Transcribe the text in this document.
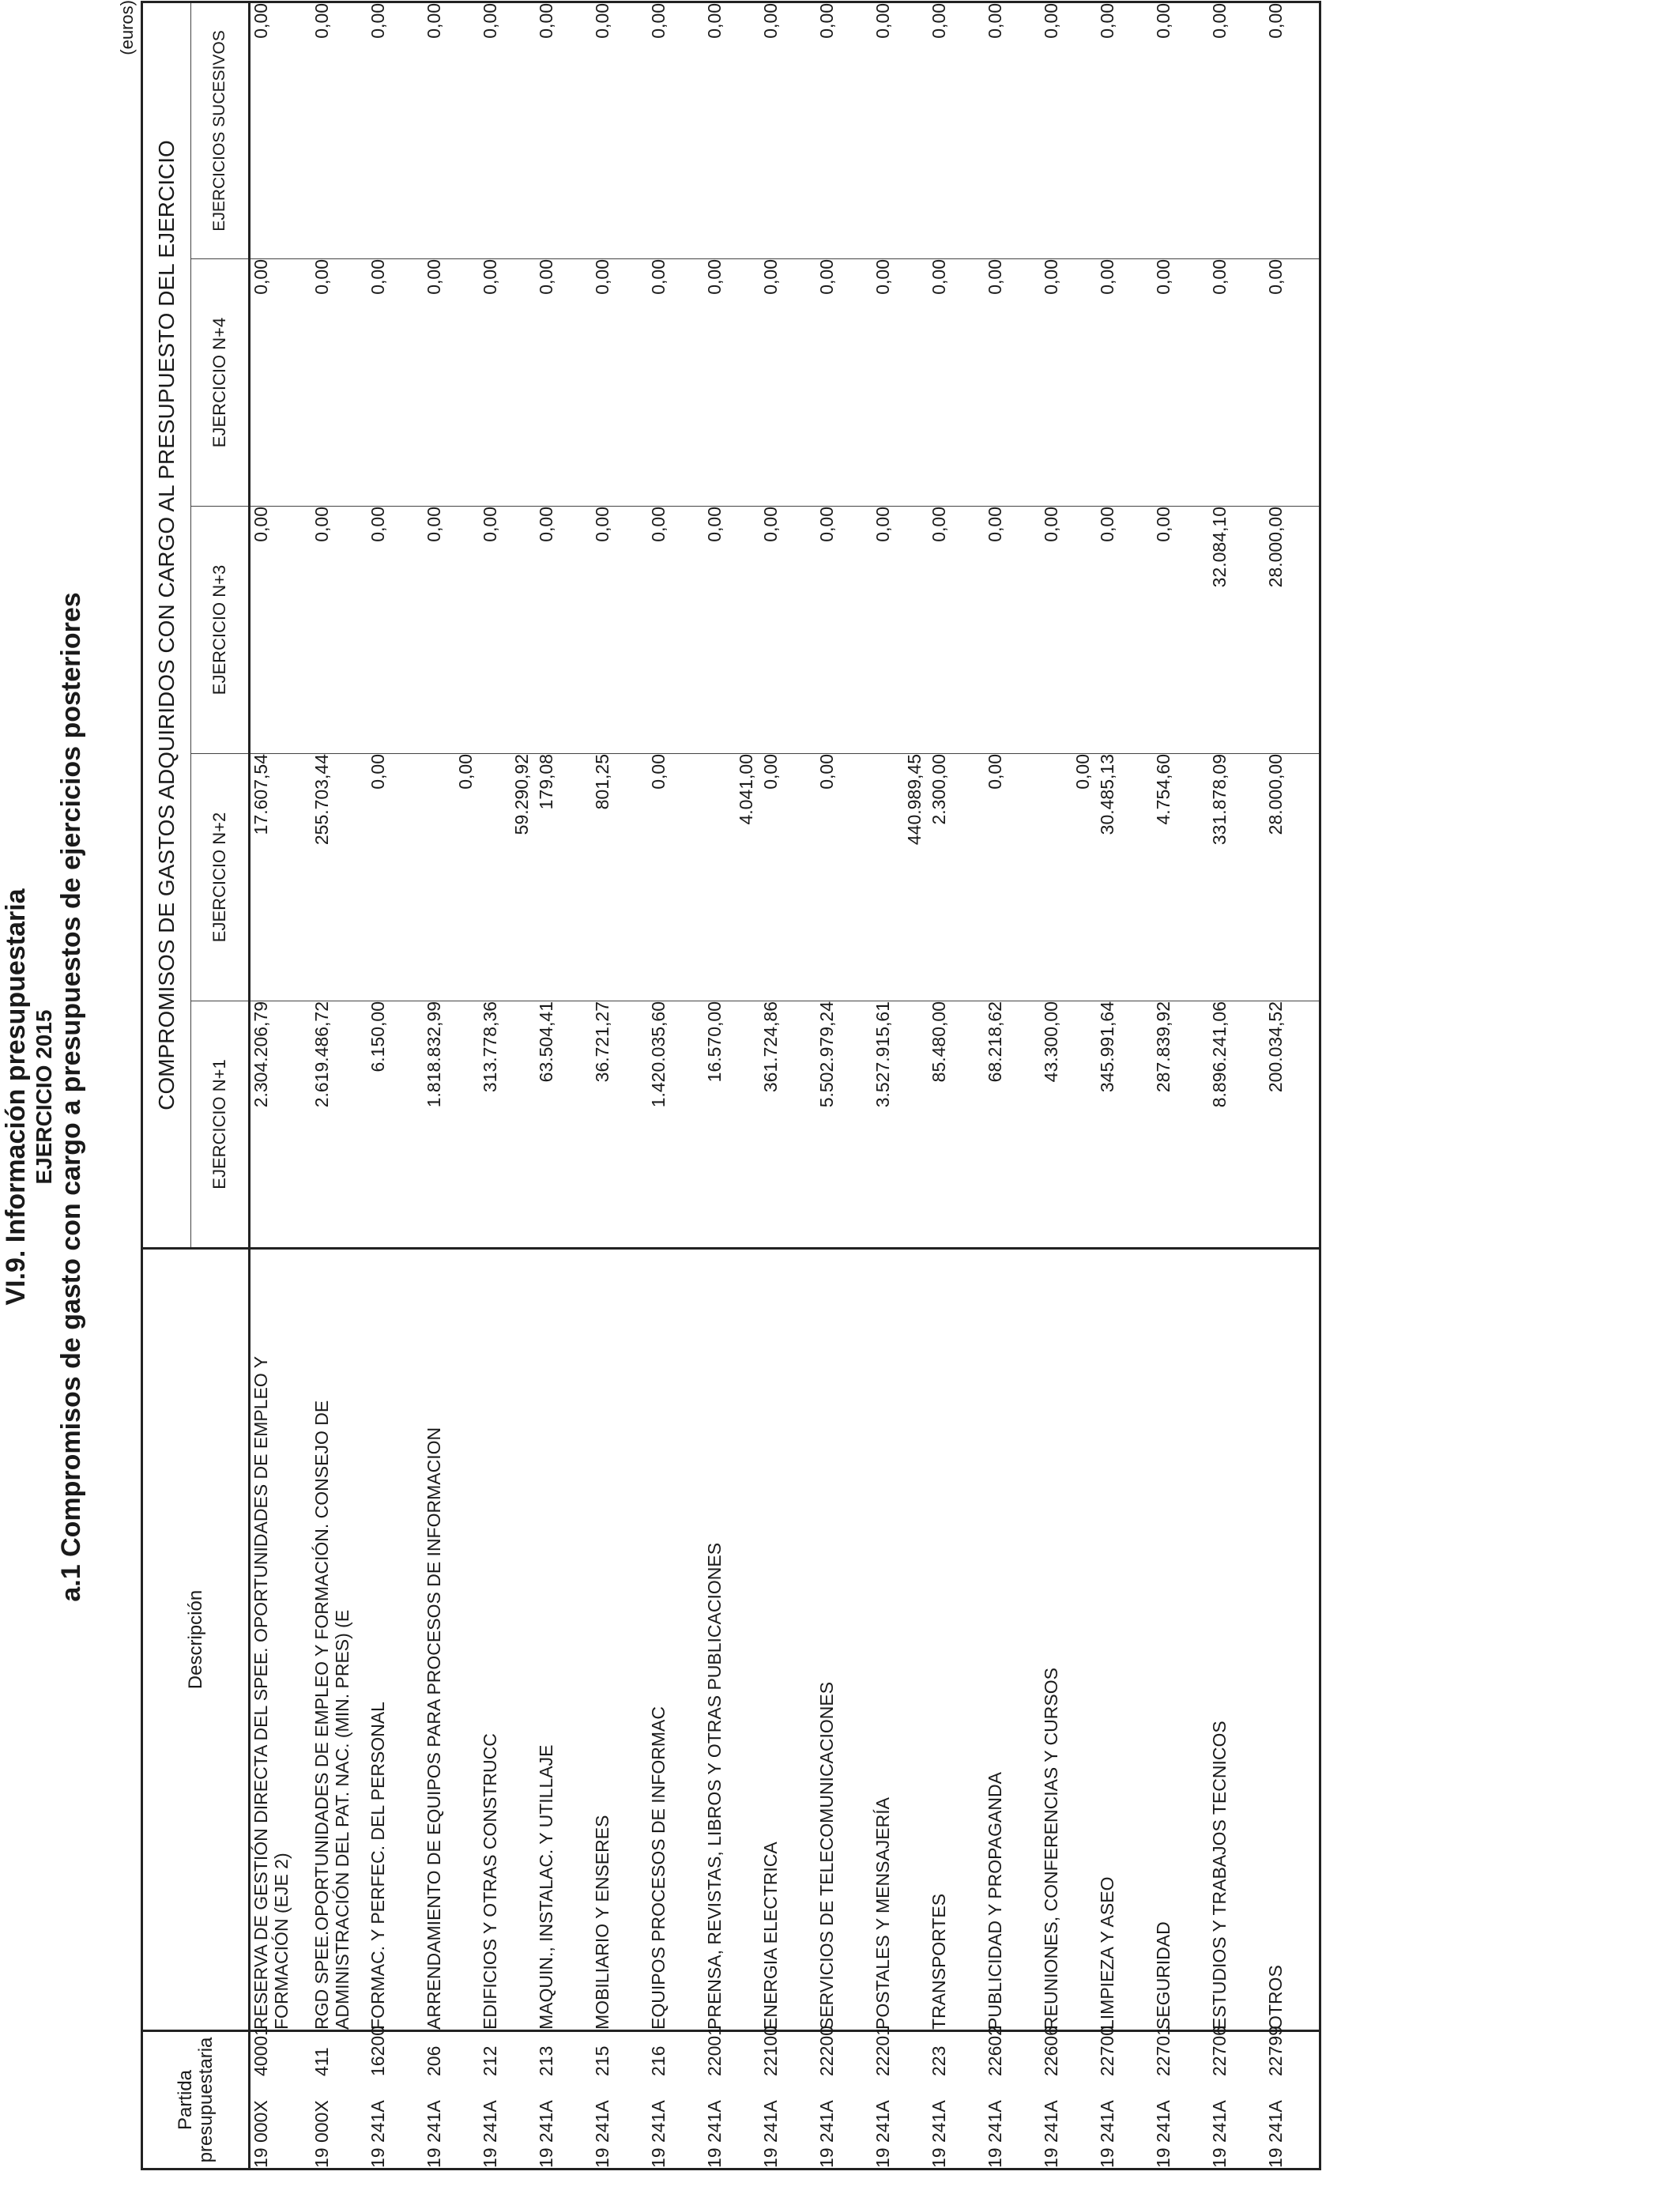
VI.9. Información presupuestaria EJERCICIO 2015 a.1 Compromisos de gasto con cargo a presupuestos de ejercicios posteriores
(euros)
Partida presupuestaria	Descripción	COMPROMISOS DE GASTOS ADQUIRIDOS CON CARGO AL PRESUPUESTO DEL EJERCICIO				
		EJERCICIO N+1	EJERCICIO N+2	EJERCICIO N+3	EJERCICIO N+4	EJERCICIOS SUCESIVOS
19 000X40001	RESERVA DE GESTIÓN DIRECTA DEL SPEE. OPORTUNIDADES DE EMPLEO Y FORMACIÓN (EJE 2)	2.304.206,79	17.607,54	0,00	0,00	0,00
19 000X411	RGD SPEE.OPORTUNIDADES DE EMPLEO Y FORMACIÓN. CONSEJO DE ADMINISTRACIÓN DEL PAT. NAC. (MIN. PRES) (E	2.619.486,72	255.703,44	0,00	0,00	0,00
19 241A16200	FORMAC. Y PERFEC. DEL PERSONAL	6.150,00	0,00	0,00	0,00	0,00
19 241A206	ARRENDAMIENTO DE EQUIPOS PARA PROCESOS DE INFORMACION	1.818.832,99	0,00	0,00	0,00	0,00
19 241A212	EDIFICIOS Y OTRAS CONSTRUCC	313.778,36	59.290,92	0,00	0,00	0,00
19 241A213	MAQUIN., INSTALAC. Y UTILLAJE	63.504,41	179,08	0,00	0,00	0,00
19 241A215	MOBILIARIO Y ENSERES	36.721,27	801,25	0,00	0,00	0,00
19 241A216	EQUIPOS PROCESOS DE INFORMAC	1.420.035,60	0,00	0,00	0,00	0,00
19 241A22001	PRENSA, REVISTAS, LIBROS Y OTRAS PUBLICACIONES	16.570,00	4.041,00	0,00	0,00	0,00
19 241A22100	ENERGIA ELECTRICA	361.724,86	0,00	0,00	0,00	0,00
19 241A22200	SERVICIOS DE TELECOMUNICACIONES	5.502.979,24	0,00	0,00	0,00	0,00
19 241A22201	POSTALES Y MENSAJERÍA	3.527.915,61	440.989,45	0,00	0,00	0,00
19 241A223	TRANSPORTES	85.480,00	2.300,00	0,00	0,00	0,00
19 241A22602	PUBLICIDAD Y PROPAGANDA	68.218,62	0,00	0,00	0,00	0,00
19 241A22606	REUNIONES, CONFERENCIAS Y CURSOS	43.300,00	0,00	0,00	0,00	0,00
19 241A22700	LIMPIEZA Y ASEO	345.991,64	30.485,13	0,00	0,00	0,00
19 241A22701	SEGURIDAD	287.839,92	4.754,60	0,00	0,00	0,00
19 241A22706	ESTUDIOS Y TRABAJOS TECNICOS	8.896.241,06	331.878,09	32.084,10	0,00	0,00
19 241A22799	OTROS	200.034,52	28.000,00	28.000,00	0,00	0,00
